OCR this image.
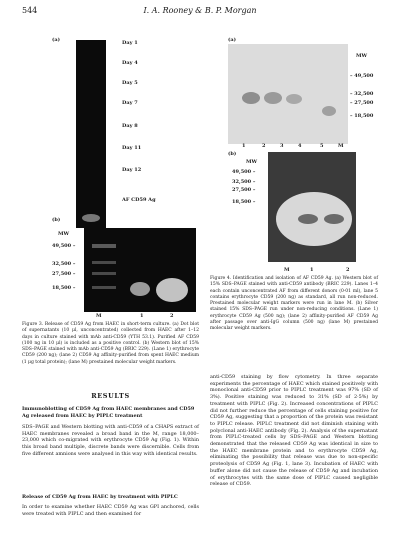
544	I. A. Rooney & B. P. Morgan
(a)	Day 1
Day 4
Day 5
Day 7
Day 8
Day 11
Day 12
AF CD59 Ag
(b)
MW
49,500 –
32,500 –
27,500 –
18,500 –
M	1	2
Figure 3. Release of CD59 Ag from HAEC in short-term culture. (a) Dot blot of supernatants (10 μl, unconcentrated) collected from HAEC after 1–12 days in culture stained with mAb anti-CD59 (YTH 53.1). Purified AF CD59 (100 ng in 10 μl) is included as a positive control. (b) Western blot of 15% SDS–PAGE stained with mAb anti-CD59 Ag (BRIC 229). (Lane 1) erythrocyte CD59 (200 ng); (lane 2) CD59 Ag affinity-purified from spent HAEC medium (1 μg total protein); (lane M) prestained molecular weight markers.
(a)
MW
– 49,500
– 32,500
– 27,500
– 18,500
1	2	3	4	5	M
(b)
MW
49,500 –
32,500 –
27,500 –
18,500 –
M	1	2
Figure 4. Identification and isolation of AF CD59 Ag. (a) Western blot of 15% SDS–PAGE stained with anti-CD59 antibody (BRIC 229). Lanes 1–4 each contain unconcentrated AF from different donors (0·01 ml), lane 5 contains erythrocyte CD59 (200 ng) as standard, all run non-reduced. Prestained molecular weight markers were run in lane M. (b) Silver stained 15% SDS–PAGE run under non-reducing conditions. (Lane 1) erythrocyte CD59 Ag (500 ng); (lane 2) affinity-purified AF CD59 Ag after passage over anti-IgG column (500 ng) (lane M) prestained molecular weight markers.
RESULTS
Immunoblotting of CD59 Ag from HAEC membranes and CD59 Ag released from HAEC by PIPLC treatment
SDS–PAGE and Western blotting with anti-CD59 of a CHAPS extract of HAEC membranes revealed a broad band in the M, range 18,000–23,000 which co-migrated with erythrocyte CD59 Ag (Fig. 1). Within this broad band multiple, discrete bands were discernible. Cells from five different amnions were analysed in this way with identical results.
Release of CD59 Ag from HAEC by treatment with PIPLC
In order to examine whether HAEC CD59 Ag was GPI anchored, cells were treated with PIPLC and then examined for
anti-CD59 staining by flow cytometry. In three separate experiments the percentage of HAEC which stained positively with monoclonal anti-CD59 prior to PIPLC treatment was 97% (SD of 3%). Positive staining was reduced to 31% (SD of 2·5%) by treatment with PIPLC (Fig. 2). Increased concentrations of PIPLC did not further reduce the percentage of cells staining positive for CD59 Ag, suggesting that a proportion of the protein was resistant to PIPLC release. PIPLC treatment did not diminish staining with polyclonal anti-HAEC antibody (Fig. 2). Analysis of the supernatant from PIPLC-treated cells by SDS–PAGE and Western blotting demonstrated that the released CD59 Ag was identical in size to the HAEC membrane protein and to erythrocyte CD59 Ag, eliminating the possibility that release was due to non-specific proteolysis of CD59 Ag (Fig. 1, lane 3). Incubation of HAEC with buffer alone did not cause the release of CD59 Ag and incubation of erythrocytes with the same dose of PIPLC caused negligible release of CD59.
